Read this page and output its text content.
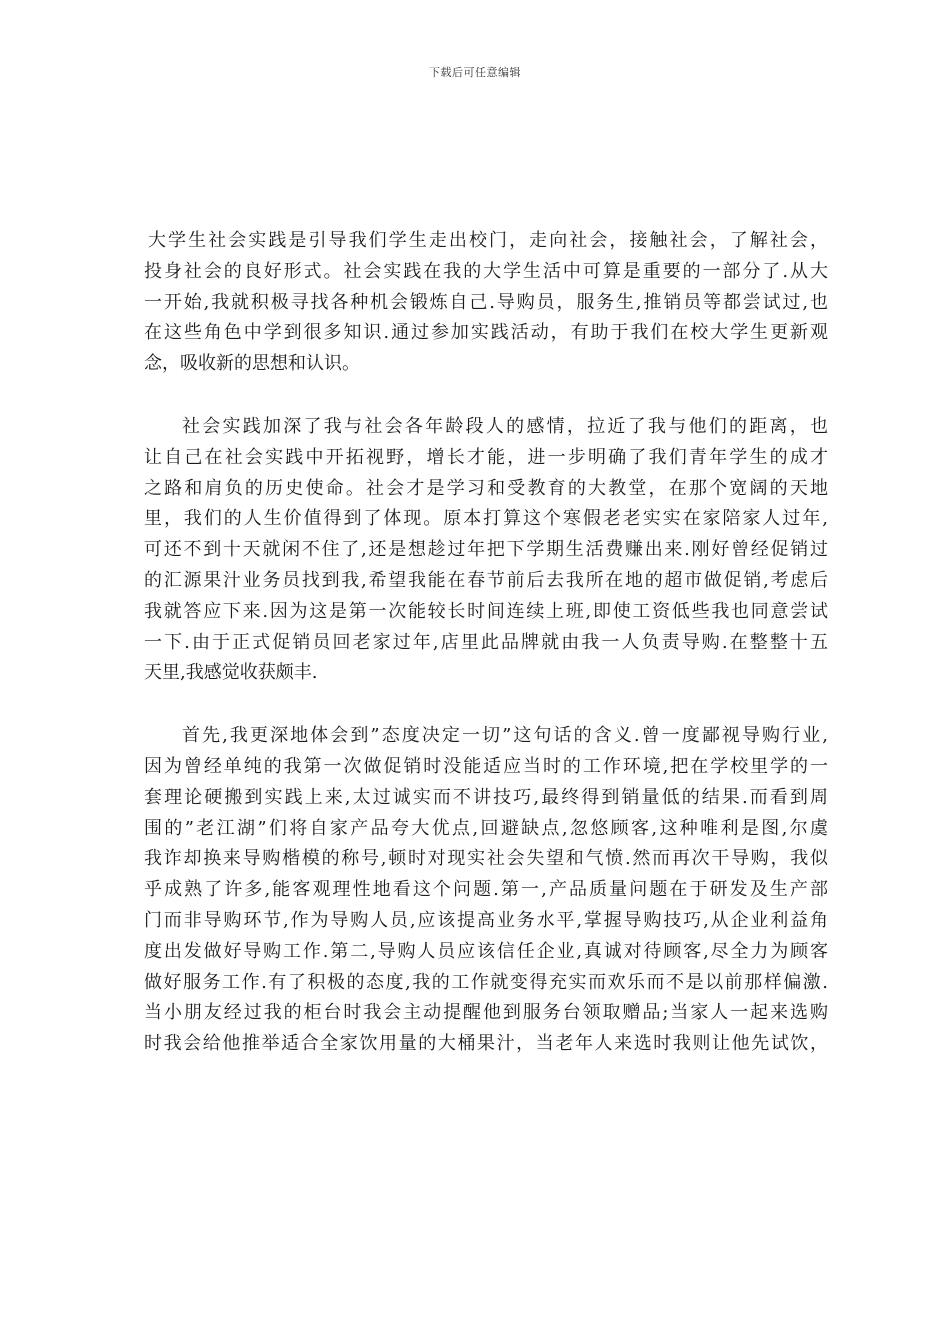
下载后可任意编辑
大学生社会实践是引导我们学生走出校门，走向社会，接触社会，了解社会，
投身社会的良好形式。社会实践在我的大学生活中可算是重要的一部分了.从大
一开始,我就积极寻找各种机会锻炼自己.导购员，服务生,推销员等都尝试过,也
在这些角色中学到很多知识.通过参加实践活动，有助于我们在校大学生更新观
念，吸收新的思想和认识。
社会实践加深了我与社会各年龄段人的感情，拉近了我与他们的距离，也
让自己在社会实践中开拓视野，增长才能，进一步明确了我们青年学生的成才
之路和肩负的历史使命。社会才是学习和受教育的大教堂，在那个宽阔的天地
里，我们的人生价值得到了体现。原本打算这个寒假老老实实在家陪家人过年,
可还不到十天就闲不住了,还是想趁过年把下学期生活费赚出来.刚好曾经促销过
的汇源果汁业务员找到我,希望我能在春节前后去我所在地的超市做促销,考虑后
我就答应下来.因为这是第一次能较长时间连续上班,即使工资低些我也同意尝试
一下.由于正式促销员回老家过年,店里此品牌就由我一人负责导购.在整整十五
天里,我感觉收获颇丰.
首先,我更深地体会到”态度决定一切”这句话的含义.曾一度鄙视导购行业,
因为曾经单纯的我第一次做促销时没能适应当时的工作环境,把在学校里学的一
套理论硬搬到实践上来,太过诚实而不讲技巧,最终得到销量低的结果.而看到周
围的”老江湖”们将自家产品夸大优点,回避缺点,忽悠顾客,这种唯利是图,尔虞
我诈却换来导购楷模的称号,顿时对现实社会失望和气愤.然而再次干导购，我似
乎成熟了许多,能客观理性地看这个问题.第一,产品质量问题在于研发及生产部
门而非导购环节,作为导购人员,应该提高业务水平,掌握导购技巧,从企业利益角
度出发做好导购工作.第二,导购人员应该信任企业,真诚对待顾客,尽全力为顾客
做好服务工作.有了积极的态度,我的工作就变得充实而欢乐而不是以前那样偏激.
当小朋友经过我的柜台时我会主动提醒他到服务台领取赠品;当家人一起来选购
时我会给他推举适合全家饮用量的大桶果汁，当老年人来选时我则让他先试饮，
